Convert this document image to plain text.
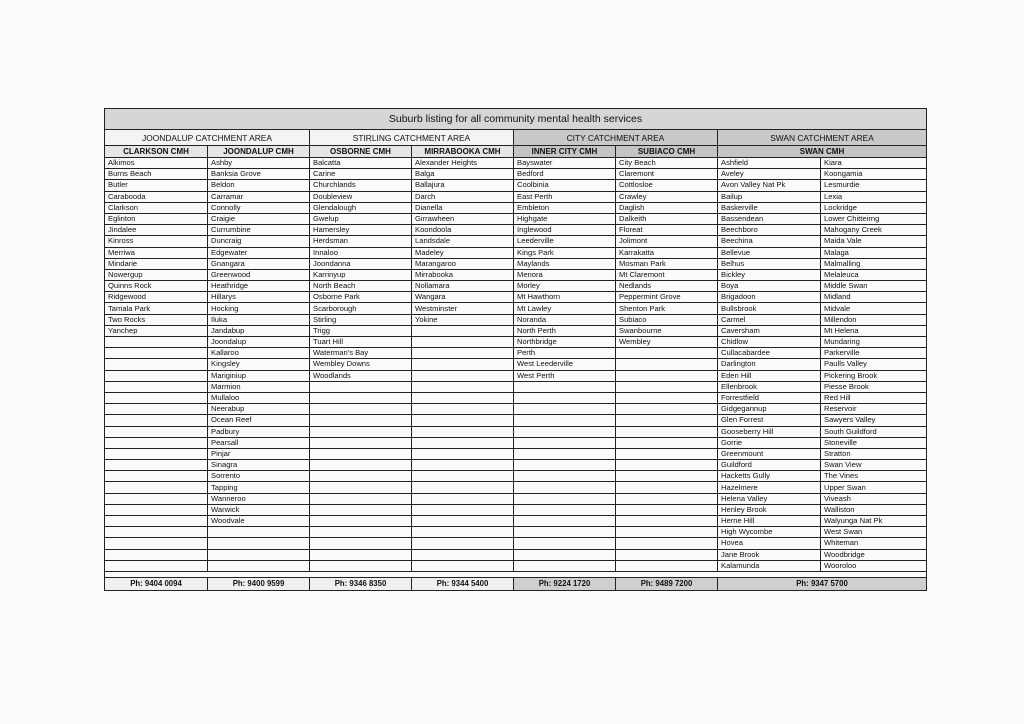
Suburb listing for all community mental health services							
JOONDALUP CATCHMENT AREA		STIRLING CATCHMENT AREA		CITY CATCHMENT AREA		SWAN CATCHMENT AREA	
CLARKSON CMH	JOONDALUP CMH	OSBORNE CMH	MIRRABOOKA CMH	INNER CITY CMH	SUBIACO CMH	SWAN CMH	
Alkimos	Ashby	Balcatta	Alexander Heights	Bayswater	City Beach	Ashfield	Kiara
Burns Beach	Banksia Grove	Carine	Balga	Bedford	Claremont	Aveley	Koongamia
Butler	Beldon	Churchlands	Ballajura	Coolbinia	Cottlosloe	Avon Valley Nat Pk	Lesmurdie
Carabooda	Carramar	Doubleview	Darch	East Perth	Crawley	Bailup	Lexia
Clarkson	Connolly	Glendalough	Dianella	Embleton	Daglish	Baskerville	Lockridge
Eglinton	Craigie	Gwelup	Girrawheen	Highgate	Dalkeith	Bassendean	Lower Chitteirng
Jindalee	Currumbine	Hamersley	Koondoola	Inglewood	Floreat	Beechboro	Mahogany Creek
Kinross	Duncraig	Herdsman	Landsdale	Leederville	Jolimont	Beechina	Maida Vale
Merriwa	Edgewater	Innaloo	Madeley	Kings Park	Karrakatta	Bellevue	Malaga
Mindarie	Gnangara	Joondanna	Marangaroo	Maylands	Mosman Park	Belhus	Malmalling
Nowergup	Greenwood	Karrinyup	Mirrabooka	Menora	Mt Claremont	Bickley	Melaleuca
Quinns Rock	Heathridge	North Beach	Nollamara	Morley	Nedlands	Boya	Middle Swan
Ridgewood	Hillarys	Osborne Park	Wangara	Mt Hawthorn	Peppermint Grove	Brigadoon	Midland
Tamala Park	Hocking	Scarborough	Westminster	Mt Lawley	Shenton Park	Bullsbrook	Midvale
Two Rocks	Iluka	Stirling	Yokine	Noranda	Subiaco	Carmel	Millendon
Yanchep	Jandabup	Trigg		North Perth	Swanbourne	Caversham	Mt Helena
	Joondalup	Tuart Hill		Northbridge	Wembley	Chidlow	Mundaring
	Kallaroo	Waterman's Bay		Perth		Cullacabardee	Parkerville
	Kingsley	Wembley Downs		West Leederville		Darlington	Paulls Valley
	Mariginiup	Woodlands		West Perth		Eden Hill	Pickering Brook
	Marmion					Ellenbrook	Piesse Brook
	Mullaloo					Forrestfield	Red Hill
	Neerabup					Gidgegannup	Reservoir
	Ocean Reef					Glen Forrest	Sawyers Valley
	Padbury					Gooseberry Hill	South Guildford
	Pearsall					Gorrie	Stoneville
	Pinjar					Greenmount	Stratton
	Sinagra					Guildford	Swan View
	Sorrento					Hacketts Gully	The Vines
	Tapping					Hazelmere	Upper Swan
	Wanneroo					Helena Valley	Viveash
	Warwick					Henley Brook	Walliston
	Woodvale					Herne Hill	Walyunga Nat Pk
						High Wycombe	West Swan
						Hovea	Whiteman
						Jane Brook	Woodbridge
						Kalamunda	Wooroloo

Ph: 9404 0094	Ph: 9400 9599	Ph: 9346 8350	Ph: 9344 5400	Ph: 9224 1720	Ph: 9489 7200	Ph: 9347 5700	
